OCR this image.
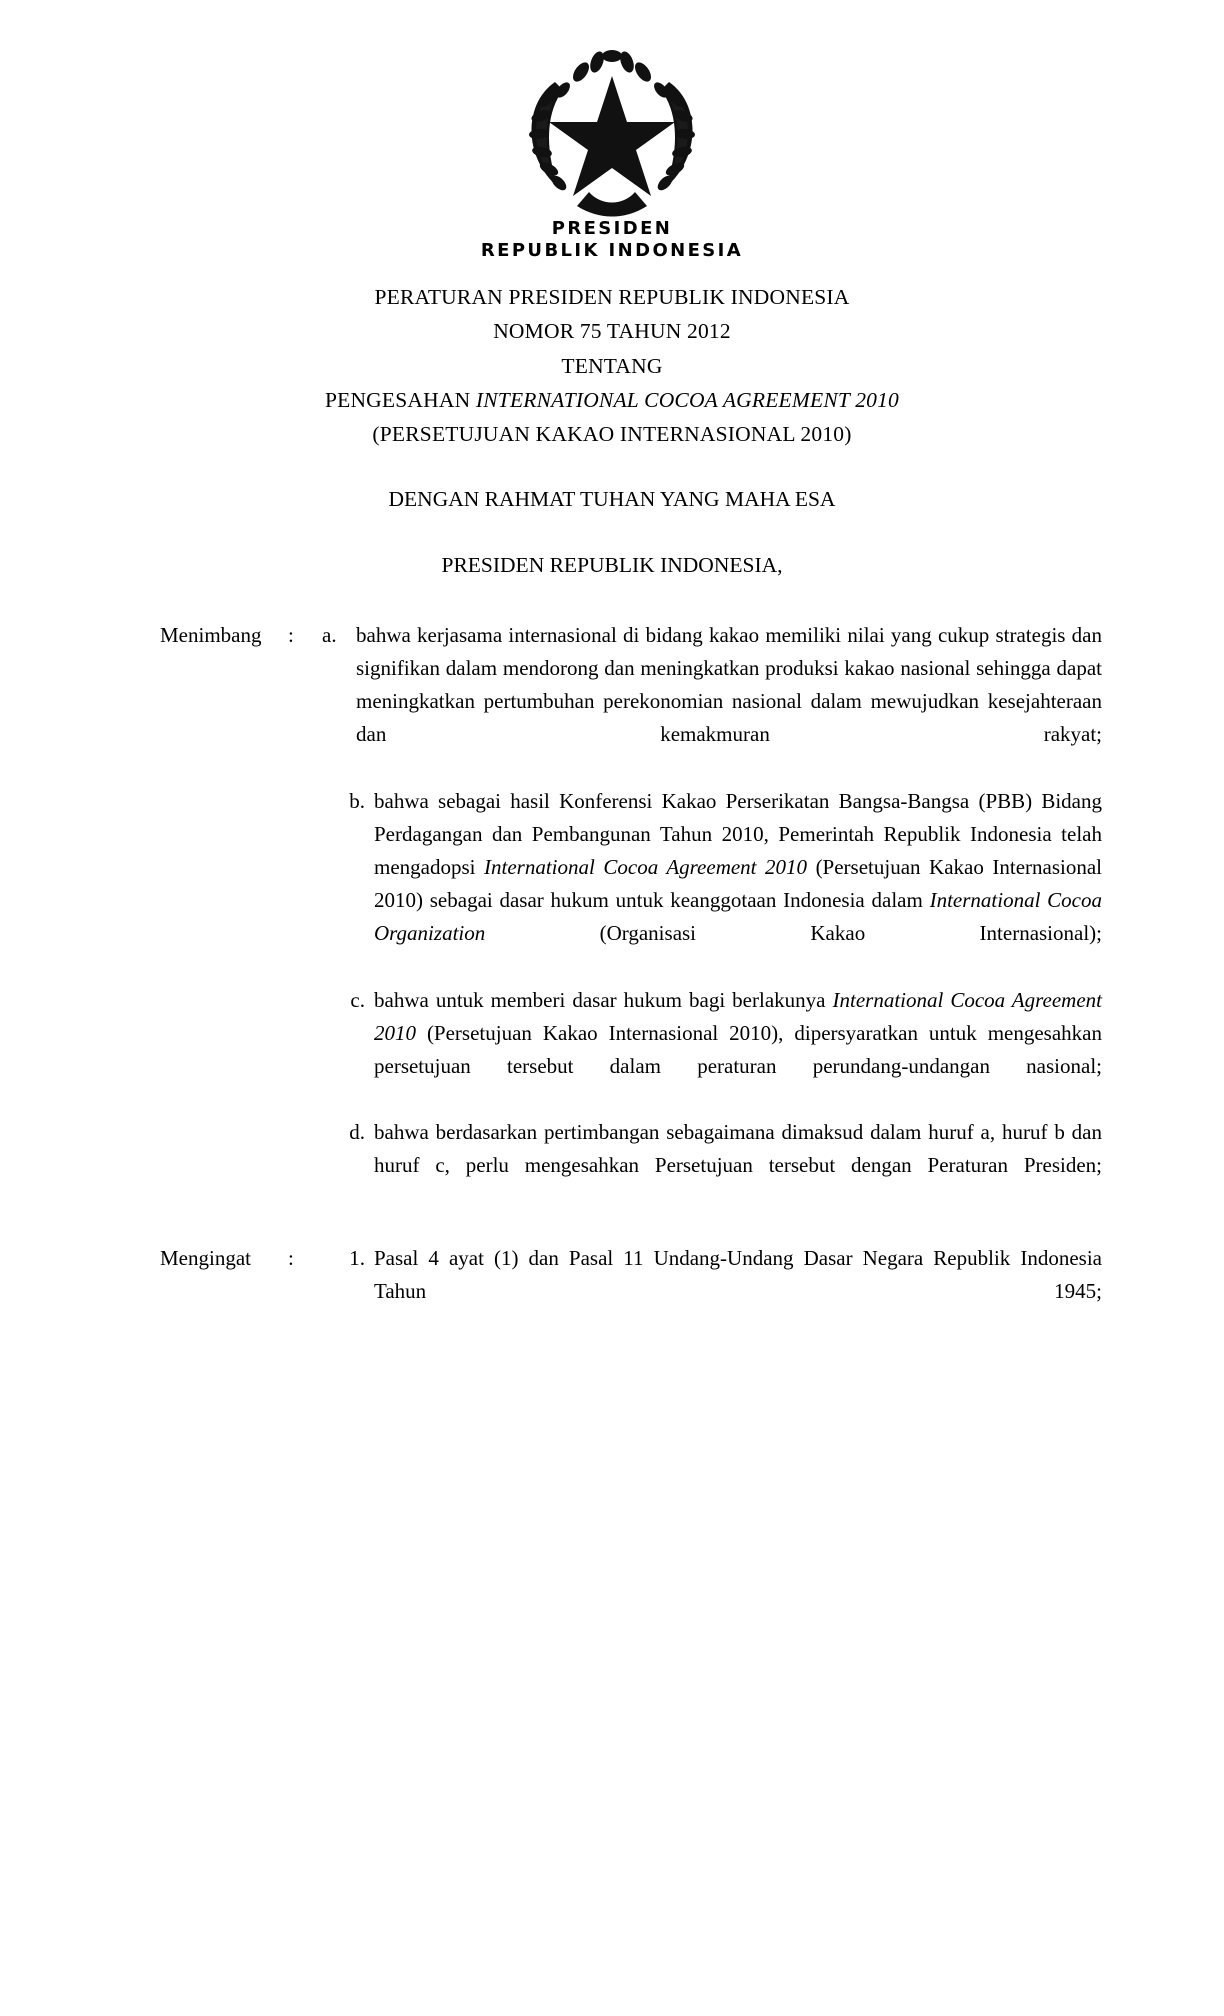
PRESIDEN
REPUBLIK INDONESIA
PERATURAN PRESIDEN REPUBLIK INDONESIA
NOMOR 75 TAHUN 2012
TENTANG
PENGESAHAN INTERNATIONAL COCOA AGREEMENT 2010
(PERSETUJUAN KAKAO INTERNASIONAL 2010)
DENGAN RAHMAT TUHAN YANG MAHA ESA
PRESIDEN REPUBLIK INDONESIA,
Menimbang	:	a. bahwa kerjasama internasional di bidang kakao memiliki nilai yang cukup strategis dan signifikan dalam mendorong dan meningkatkan produksi kakao nasional sehingga dapat meningkatkan pertumbuhan perekonomian nasional dalam mewujudkan kesejahteraan dan kemakmuran rakyat;
b. bahwa sebagai hasil Konferensi Kakao Perserikatan Bangsa-Bangsa (PBB) Bidang Perdagangan dan Pembangunan Tahun 2010, Pemerintah Republik Indonesia telah mengadopsi International Cocoa Agreement 2010 (Persetujuan Kakao Internasional 2010) sebagai dasar hukum untuk keanggotaan Indonesia dalam International Cocoa Organization (Organisasi Kakao Internasional);
c. bahwa untuk memberi dasar hukum bagi berlakunya International Cocoa Agreement 2010 (Persetujuan Kakao Internasional 2010), dipersyaratkan untuk mengesahkan persetujuan tersebut dalam peraturan perundang-undangan nasional;
d. bahwa berdasarkan pertimbangan sebagaimana dimaksud dalam huruf a, huruf b dan huruf c, perlu mengesahkan Persetujuan tersebut dengan Peraturan Presiden;
Mengingat	:	1. Pasal 4 ayat (1) dan Pasal 11 Undang-Undang Dasar Negara Republik Indonesia Tahun 1945;
